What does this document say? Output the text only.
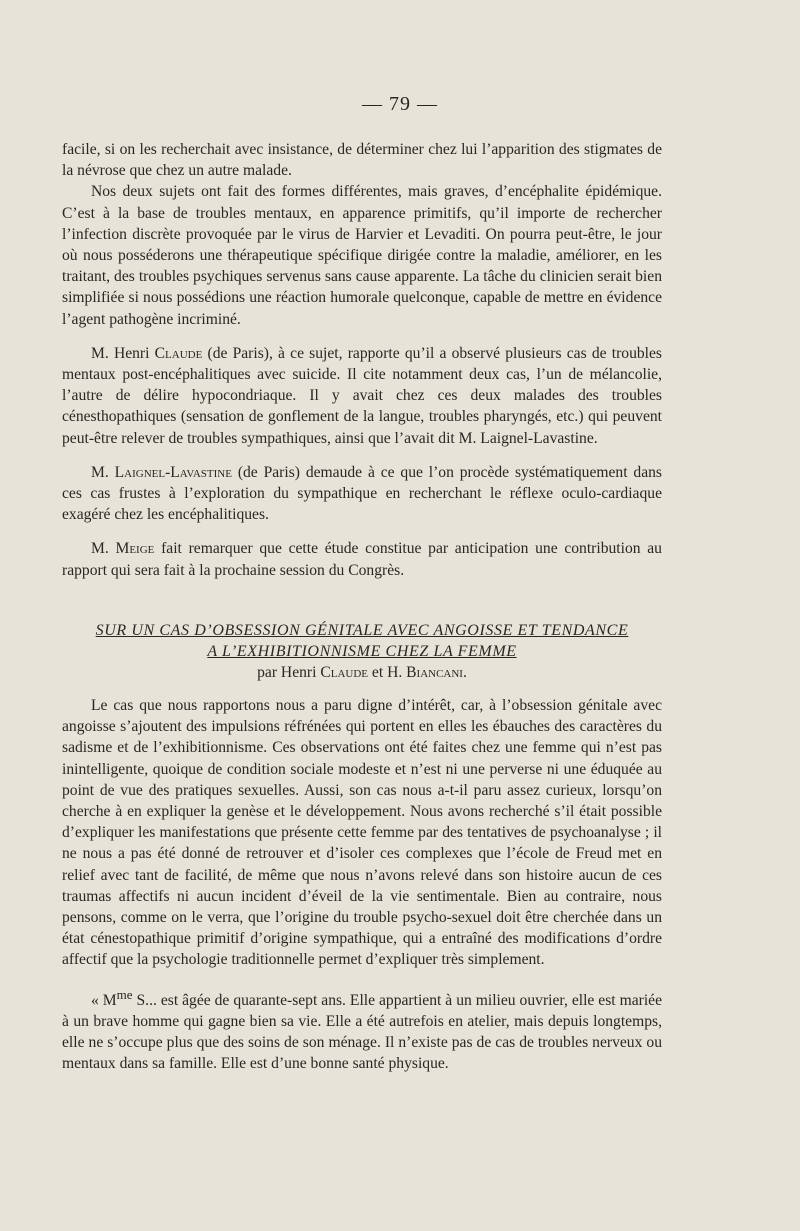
— 79 —

facile, si on les recherchait avec insistance, de déterminer chez lui l’apparition des stigmates de la névrose que chez un autre malade.

Nos deux sujets ont fait des formes différentes, mais graves, d’encéphalite épidémique. C’est à la base de troubles mentaux, en apparence primitifs, qu’il importe de rechercher l’infection discrète provoquée par le virus de Harvier et Levaditi. On pourra peut-être, le jour où nous posséderons une thérapeutique spécifique dirigée contre la maladie, améliorer, en les traitant, des troubles psychiques servenus sans cause apparente. La tâche du clinicien serait bien simplifiée si nous possédions une réaction humorale quelconque, capable de mettre en évidence l’agent pathogène incriminé.

M. Henri Claude (de Paris), à ce sujet, rapporte qu’il a observé plusieurs cas de troubles mentaux post-encéphalitiques avec suicide. Il cite notamment deux cas, l’un de mélancolie, l’autre de délire hypocondriaque. Il y avait chez ces deux malades des troubles cénesthopathiques (sensation de gonflement de la langue, troubles pharyngés, etc.) qui peuvent peut-être relever de troubles sympathiques, ainsi que l’avait dit M. Laignel-Lavastine.

M. Laignel-Lavastine (de Paris) demaude à ce que l’on procède systématiquement dans ces cas frustes à l’exploration du sympathique en recherchant le réflexe oculo-cardiaque exagéré chez les encéphalitiques.

M. Meige fait remarquer que cette étude constitue par anticipation une contribution au rapport qui sera fait à la prochaine session du Congrès.

SUR UN CAS D’OBSESSION GÉNITALE AVEC ANGOISSE ET TENDANCE
A L’EXHIBITIONNISME CHEZ LA FEMME
par Henri Claude et H. Biancani.

Le cas que nous rapportons nous a paru digne d’intérêt, car, à l’obsession génitale avec angoisse s’ajoutent des impulsions réfrénées qui portent en elles les ébauches des caractères du sadisme et de l’exhibitionnisme. Ces observations ont été faites chez une femme qui n’est pas inintelligente, quoique de condition sociale modeste et n’est ni une perverse ni une éduquée au point de vue des pratiques sexuelles. Aussi, son cas nous a-t-il paru assez curieux, lorsqu’on cherche à en expliquer la genèse et le développement. Nous avons recherché s’il était possible d’expliquer les manifestations que présente cette femme par des tentatives de psychoanalyse ; il ne nous a pas été donné de retrouver et d’isoler ces complexes que l’école de Freud met en relief avec tant de facilité, de même que nous n’avons relevé dans son histoire aucun de ces traumas affectifs ni aucun incident d’éveil de la vie sentimentale. Bien au contraire, nous pensons, comme on le verra, que l’origine du trouble psycho-sexuel doit être cherchée dans un état cénestopathique primitif d’origine sympathique, qui a entraîné des modifications d’ordre affectif que la psychologie traditionnelle permet d’expliquer très simplement.

« $M^{me}$ S... est âgée de quarante-sept ans. Elle appartient à un milieu ouvrier, elle est mariée à un brave homme qui gagne bien sa vie. Elle a été autrefois en atelier, mais depuis longtemps, elle ne s’occupe plus que des soins de son ménage. Il n’existe pas de cas de troubles nerveux ou mentaux dans sa famille. Elle est d’une bonne santé physique.
